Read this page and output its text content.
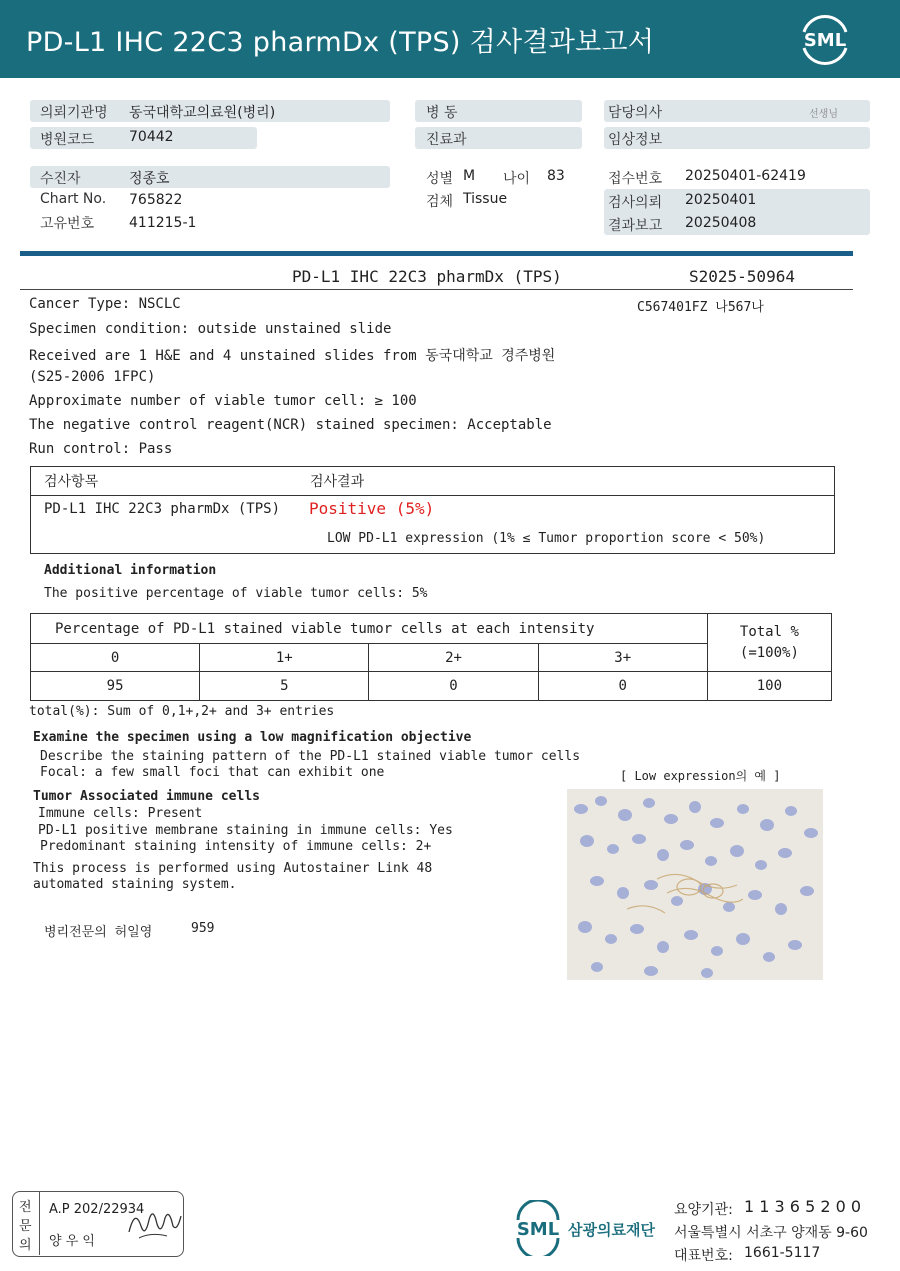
PD-L1 IHC 22C3 pharmDx (TPS) 검사결과보고서	SML
의뢰기관명 동국대학교의료원(병리)
병원코드 70442
병 동
진료과
담당의사	선생님
임상정보
수진자	정종호
Chart No. 765822
고유번호 411215-1
성별 M 나이 83
검체 Tissue
접수번호 20250401-62419
검사의뢰 20250401
결과보고 20250408
PD-L1 IHC 22C3 pharmDx (TPS)	S2025-50964
C567401FZ 나567나
Cancer Type: NSCLC
Specimen condition: outside unstained slide
Received are 1 H&E and 4 unstained slides from 동국대학교 경주병원
(S25-2006 1FPC)
Approximate number of viable tumor cell: ≥ 100
The negative control reagent(NCR) stained specimen: Acceptable
Run control: Pass
검사항목	검사결과
PD-L1 IHC 22C3 pharmDx (TPS) Positive (5%)
LOW PD-L1 expression (1% ≤ Tumor proportion score < 50%)
Additional information
The positive percentage of viable tumor cells: 5%
Percentage of PD-L1 stained viable tumor cells at each intensity				Total %
(=100%)

0	1+	2+	3+	
95	5	0	0	100
total(%): Sum of 0,1+,2+ and 3+ entries
Examine the specimen using a low magnification objective
Describe the staining pattern of the PD-L1 stained viable tumor cells
Focal: a few small foci that can exhibit one	[ Low expression의 예 ]
Tumor Associated immune cells
Immune cells: Present
PD-L1 positive membrane staining in immune cells: Yes
Predominant staining intensity of immune cells: 2+
This process is performed using Autostainer Link 48
automated staining system.
병리전문의 허일영	959
전
문
의
A.P 202/22934
양 우 익
SML 삼광의료재단
요양기관: 1 1 3 6 5 2 0 0
서울특별시 서초구 양재동 9-60
대표번호: 1661-5117
